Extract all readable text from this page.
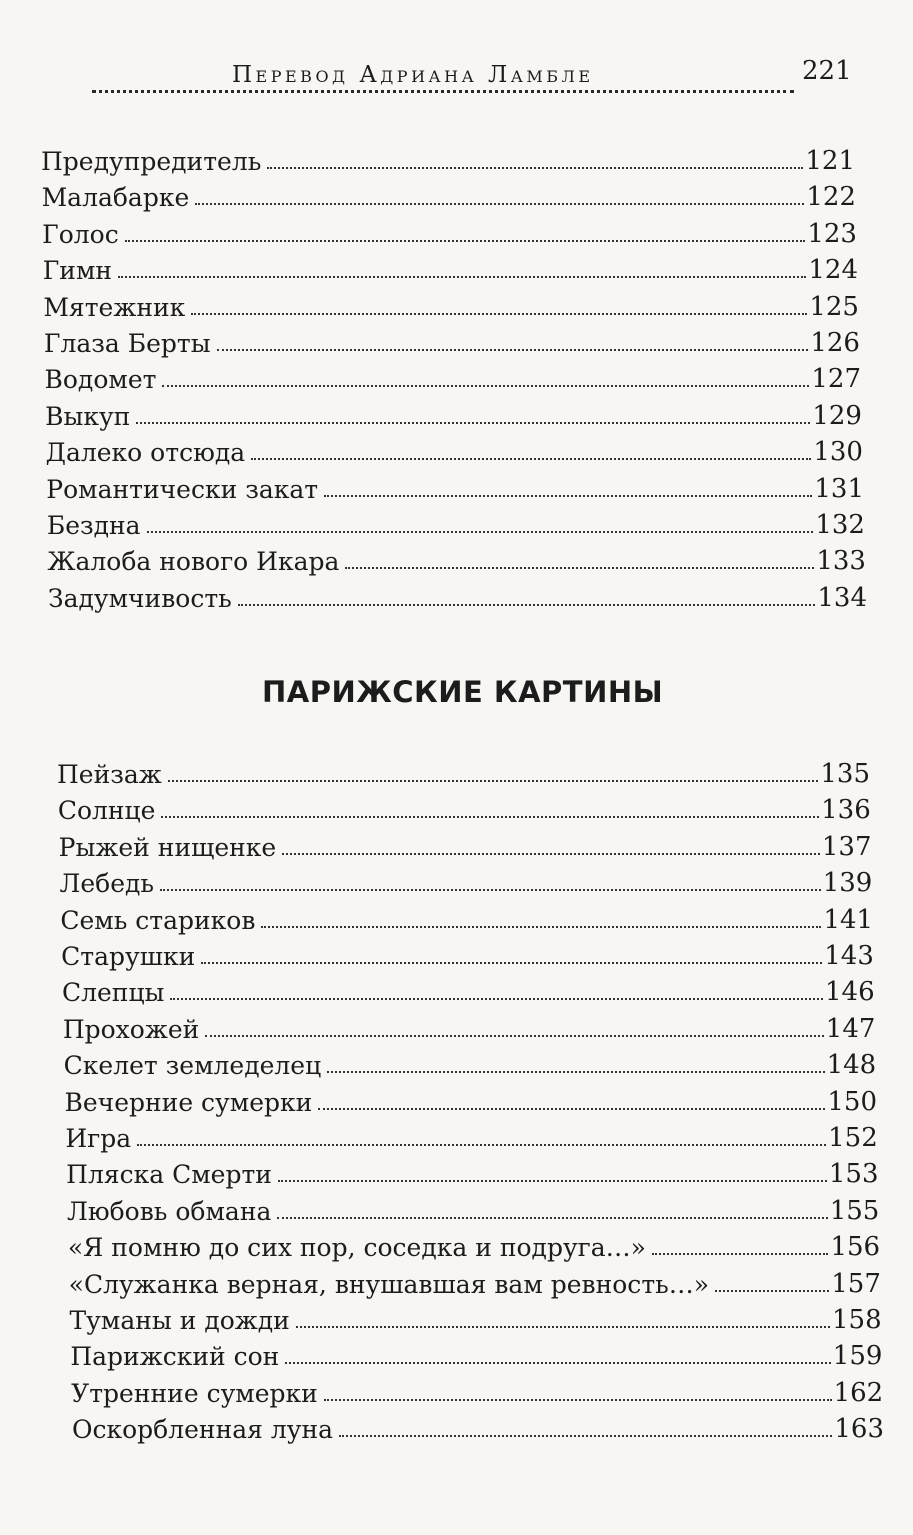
Перевод Адриана Ламбле	221
Предупредитель	121
Малабарке	122
Голос	123
Гимн	124
Мятежник	125
Глаза Берты	126
Водомет	127
Выкуп	129
Далеко отсюда	130
Романтически закат	131
Бездна	132
Жалоба нового Икара	133
Задумчивость	134
ПАРИЖСКИЕ КАРТИНЫ
Пейзаж	135
Солнце	136
Рыжей нищенке	137
Лебедь	139
Семь стариков	141
Старушки	143
Слепцы	146
Прохожей	147
Скелет земледелец	148
Вечерние сумерки	150
Игра	152
Пляска Смерти	153
Любовь обмана	155
«Я помню до сих пор, соседка и подруга…»	156
«Служанка верная, внушавшая вам ревность…»	157
Туманы и дожди	158
Парижский сон	159
Утренние сумерки	162
Оскорбленная луна	163
